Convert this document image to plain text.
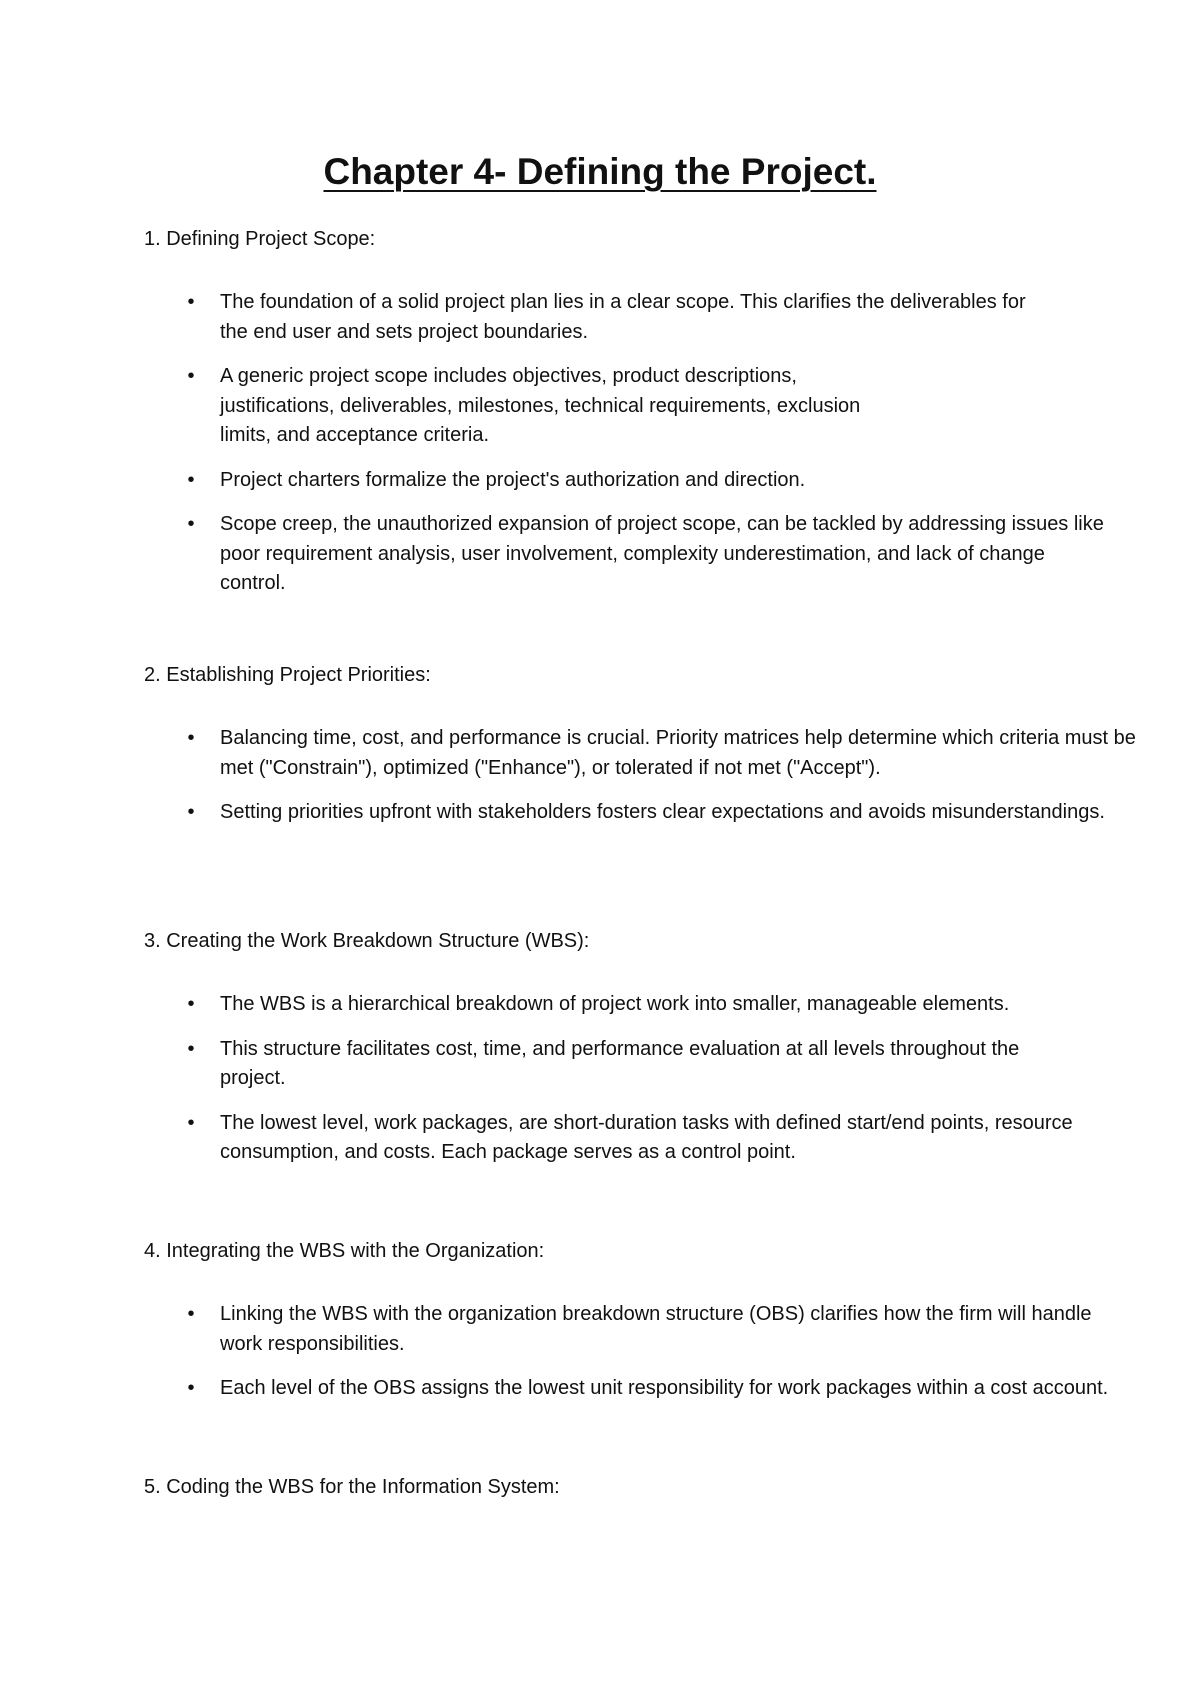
Chapter 4- Defining the Project.
1. Defining Project Scope:
• The foundation of a solid project plan lies in a clear scope. This clarifies the deliverables for the end user and sets project boundaries.
• A generic project scope includes objectives, product descriptions, justifications, deliverables, milestones, technical requirements, exclusion limits, and acceptance criteria.
• Project charters formalize the project's authorization and direction.
• Scope creep, the unauthorized expansion of project scope, can be tackled by addressing issues like poor requirement analysis, user involvement, complexity underestimation, and lack of change control.
2. Establishing Project Priorities:
• Balancing time, cost, and performance is crucial. Priority matrices help determine which criteria must be met ("Constrain"), optimized ("Enhance"), or tolerated if not met ("Accept").
• Setting priorities upfront with stakeholders fosters clear expectations and avoids misunderstandings.
3. Creating the Work Breakdown Structure (WBS):
• The WBS is a hierarchical breakdown of project work into smaller, manageable elements.
• This structure facilitates cost, time, and performance evaluation at all levels throughout the project.
• The lowest level, work packages, are short-duration tasks with defined start/end points, resource consumption, and costs. Each package serves as a control point.
4. Integrating the WBS with the Organization:
• Linking the WBS with the organization breakdown structure (OBS) clarifies how the firm will handle work responsibilities.
• Each level of the OBS assigns the lowest unit responsibility for work packages within a cost account.
5. Coding the WBS for the Information System:
